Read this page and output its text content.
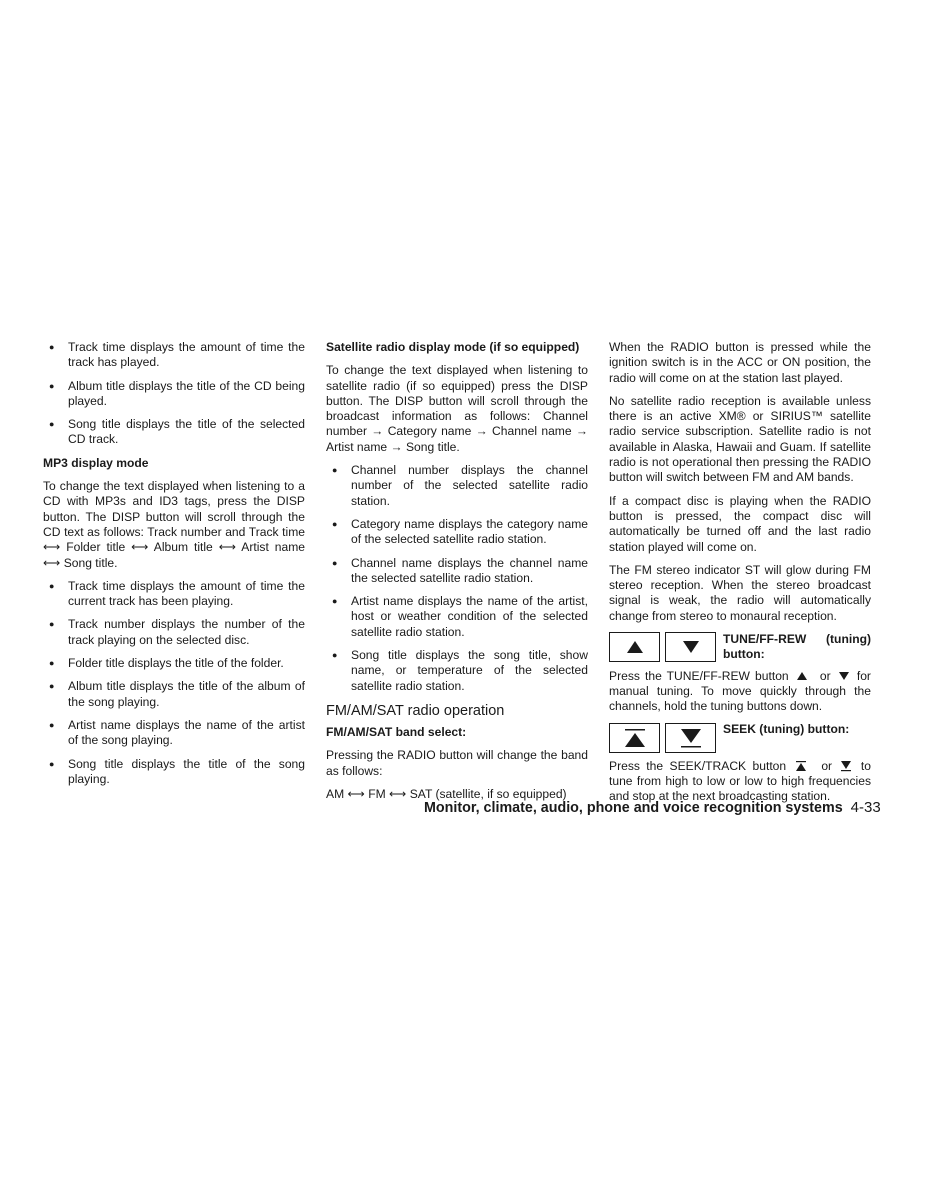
● Track time displays the amount of time the track has played.
● Album title displays the title of the CD being played.
● Song title displays the title of the selected CD track.
MP3 display mode

To change the text displayed when listening to a CD with MP3s and ID3 tags, press the DISP button. The DISP button will scroll through the CD text as follows: Track number and Track time ⟷ Folder title ⟷ Album title ⟷ Artist name ⟷ Song title.

● Track time displays the amount of time the current track has been playing.
● Track number displays the number of the track playing on the selected disc.
● Folder title displays the title of the folder.
● Album title displays the title of the album of the song playing.
● Artist name displays the name of the artist of the song playing.
● Song title displays the title of the song playing.
Satellite radio display mode (if so equipped)

To change the text displayed when listening to satellite radio (if so equipped) press the DISP button. The DISP button will scroll through the broadcast information as follows: Channel number → Category name → Channel name → Artist name → Song title.

● Channel number displays the channel number of the selected satellite radio station.
● Category name displays the category name of the selected satellite radio station.
● Channel name displays the channel name the selected satellite radio station.
● Artist name displays the name of the artist, host or weather condition of the selected satellite radio station.
● Song title displays the song title, show name, or temperature of the selected satellite radio station.
FM/AM/SAT radio operation
FM/AM/SAT band select:

Pressing the RADIO button will change the band as follows:

AM ⟷ FM ⟷ SAT (satellite, if so equipped)

When the RADIO button is pressed while the ignition switch is in the ACC or ON position, the radio will come on at the station last played.

No satellite radio reception is available unless there is an active XM® or SIRIUS™ satellite radio service subscription. Satellite radio is not available in Alaska, Hawaii and Guam. If satellite radio is not operational then pressing the RADIO button will switch between FM and AM bands.

If a compact disc is playing when the RADIO button is pressed, the compact disc will automatically be turned off and the last radio station played will come on.

The FM stereo indicator ST will glow during FM stereo reception. When the stereo broadcast signal is weak, the radio will automatically change from stereo to monaural reception.

TUNE/FF-REW (tuning) button:

Press the TUNE/FF-REW button	or for manual tuning. To move quickly through the channels, hold the tuning buttons down.

SEEK (tuning) button:

Press the SEEK/TRACK button	or to tune from high to low or low to high frequencies and stop at the next broadcasting station.

Monitor, climate, audio, phone and voice recognition systems 4-33
